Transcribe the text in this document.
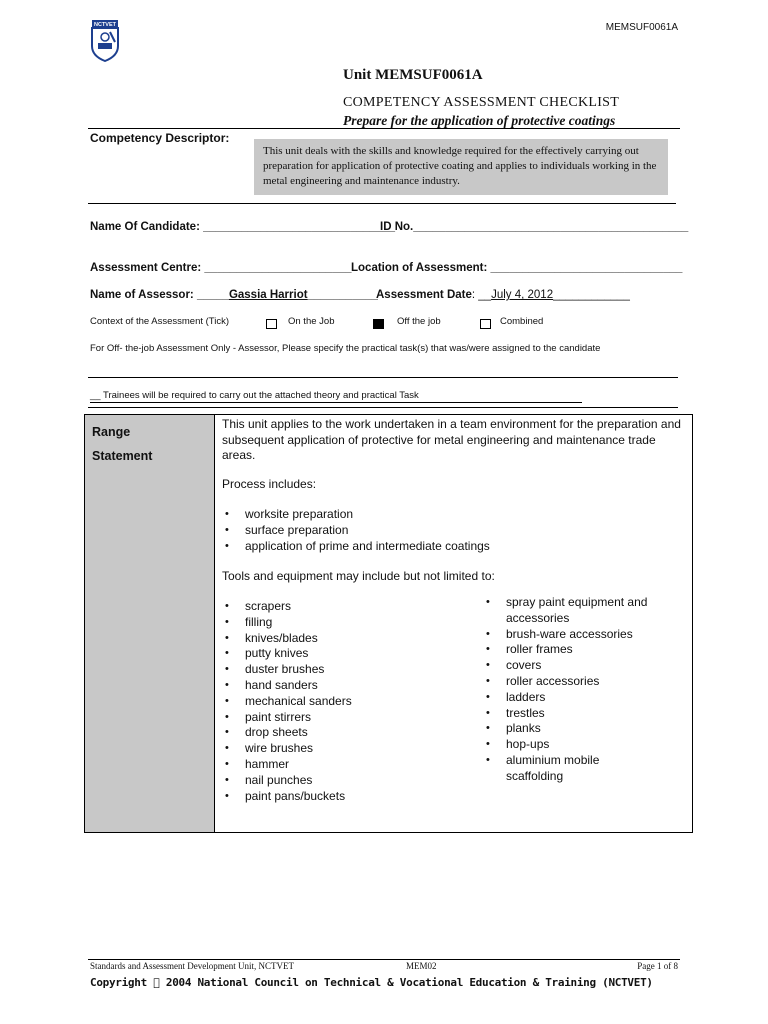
MEMSUF0061A
NCTVET
Unit MEMSUF0061A
COMPETENCY ASSESSMENT CHECKLIST
Prepare for the application of protective coatings
Competency Descriptor:
This unit deals with the skills and knowledge required for the effectively carrying out preparation for application of protective coating and applies to individuals working in the metal engineering and maintenance industry.
Name Of Candidate: ______________________________
ID No.___________________________________________
Assessment Centre: _______________________ Location of Assessment: ______________________________
Name of Assessor: _____Gassia Harriot___________
Assessment Date: __July 4, 2012____________
Context of the Assessment (Tick)	On the Job	Off the job	Combined
For Off- the-job Assessment Only - Assessor, Please specify the practical task(s) that was/were assigned to the candidate
__ Trainees will be required to carry out the attached theory and practical Task
Range
Statement
This unit applies to the work undertaken in a team environment for the preparation and subsequent application of protective for metal engineering and maintenance trade areas.
Process includes:
• worksite preparation
• surface preparation
• application of prime and intermediate coatings
Tools and equipment may include but not limited to:
• scrapers
• filling
• knives/blades
• putty knives
• duster brushes
• hand sanders
• mechanical sanders
• paint stirrers
• drop sheets
• wire brushes
• hammer
• nail punches
• paint pans/buckets
• spray paint equipment and accessories
• brush-ware accessories
• roller frames
• covers
• roller accessories
• ladders
• trestles
• planks
• hop-ups
• aluminium mobile scaffolding
Standards and Assessment Development Unit, NCTVET	MEM02	Page 1 of 8
Copyright   2004 National Council on Technical & Vocational Education & Training (NCTVET)
